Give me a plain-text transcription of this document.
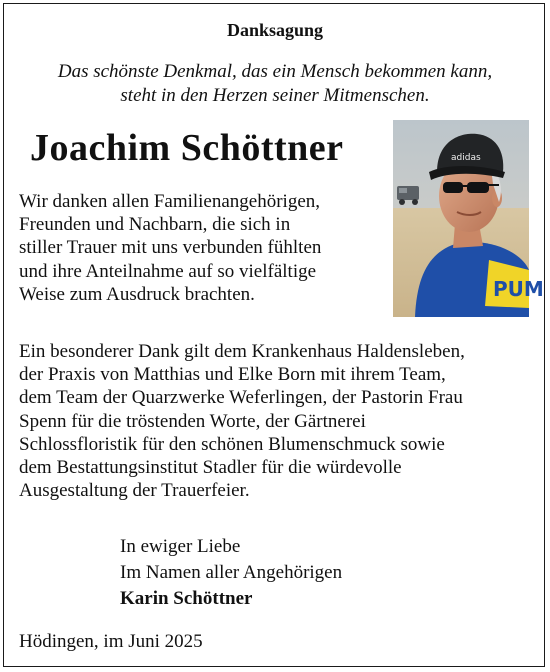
Danksagung
Das schönste Denkmal, das ein Mensch bekommen kann,
steht in den Herzen seiner Mitmenschen.
Joachim Schöttner
PUM
adidas
Wir danken allen Familienangehörigen,
Freunden und Nachbarn, die sich in
stiller Trauer mit uns verbunden fühlten
und ihre Anteilnahme auf so vielfältige
Weise zum Ausdruck brachten.
Ein besonderer Dank gilt dem Krankenhaus Haldensleben,
der Praxis von Matthias und Elke Born mit ihrem Team,
dem Team der Quarzwerke Weferlingen, der Pastorin Frau
Spenn für die tröstenden Worte, der Gärtnerei
Schlossfloristik für den schönen Blumenschmuck sowie
dem Bestattungsinstitut Stadler für die würdevolle
Ausgestaltung der Trauerfeier.
In ewiger Liebe
Im Namen aller Angehörigen
Karin Schöttner
Hödingen, im Juni 2025
